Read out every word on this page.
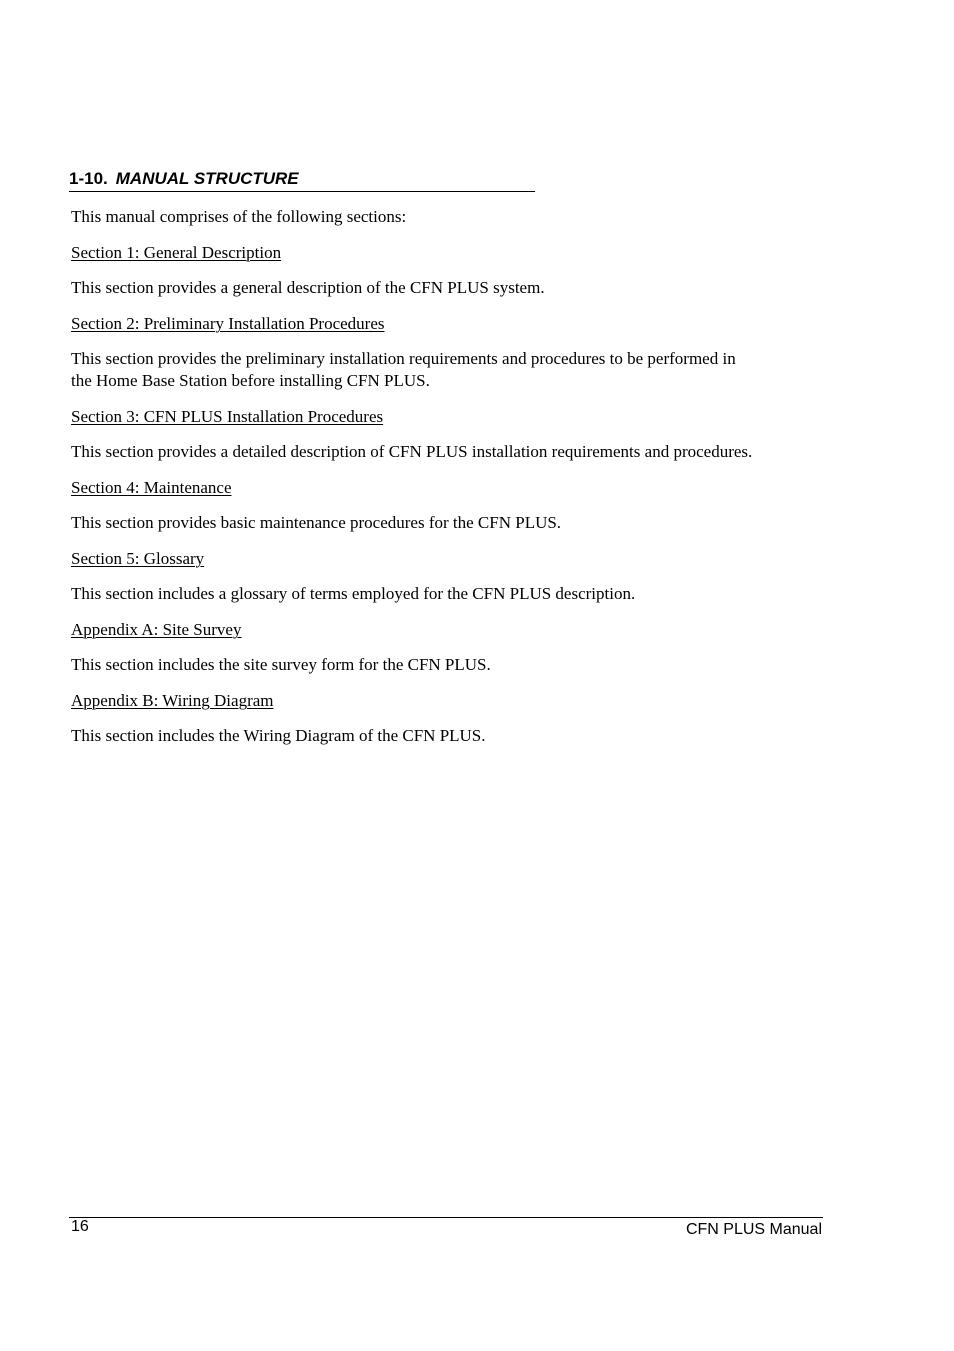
1-10. MANUAL STRUCTURE
This manual comprises of the following sections:
Section 1: General Description
This section provides a general description of the CFN PLUS system.
Section 2: Preliminary Installation Procedures
This section provides the preliminary installation requirements and procedures to be performed in
the Home Base Station before installing CFN PLUS.
Section 3: CFN PLUS Installation Procedures
This section provides a detailed description of CFN PLUS installation requirements and procedures.
Section 4: Maintenance
This section provides basic maintenance procedures for the CFN PLUS.
Section 5: Glossary
This section includes a glossary of terms employed for the CFN PLUS description.
Appendix A: Site Survey
This section includes the site survey form for the CFN PLUS.
Appendix B: Wiring Diagram
This section includes the Wiring Diagram of the CFN PLUS.
16	CFN PLUS Manual
